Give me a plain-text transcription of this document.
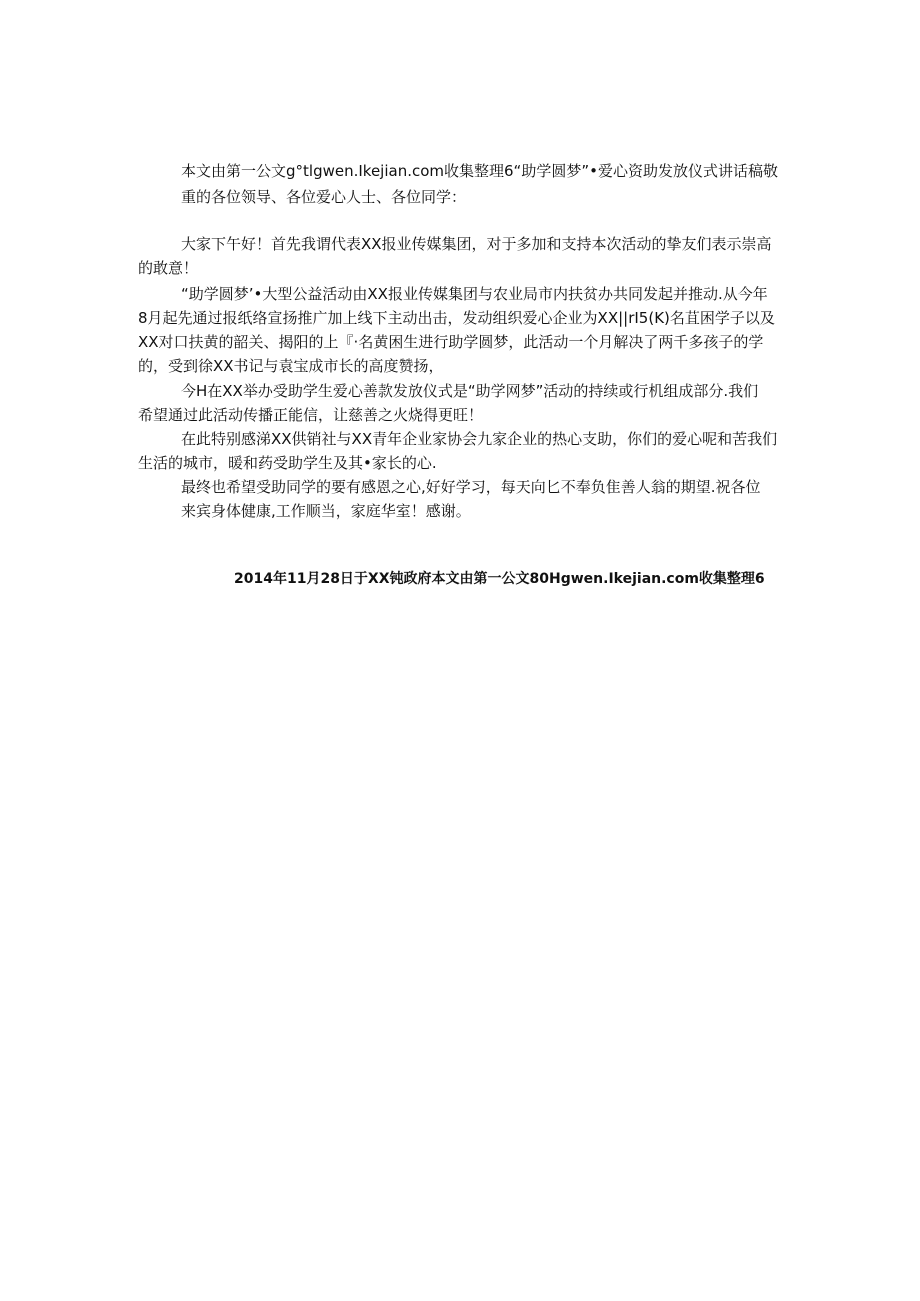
本文由第一公文g°tlgwen.Ikejian.com收集整理6“助学圆梦”•爱心资助发放仪式讲话稿敬
重的各位领导、各位爱心人士、各位同学：
大家下午好！首先我谓代表XX报业传媒集团，对于多加和支持本次活动的挚友们表示崇高
的敢意！
“助学圆梦’•大型公益活动由XX报业传媒集团与农业局市内扶贫办共同发起并推动.从今年
8月起先通过报纸络宣扬推广加上线下主动出击，发动组织爱心企业为XX||rI5(K)名苴困学子以及
XX对口扶黄的韶关、揭阳的上『·名黄困生进行助学圆梦，此活动一个月解决了两千多孩子的学
的，受到徐XX书记与袁宝成市长的高度赞扬，
今H在XX举办受助学生爱心善款发放仪式是“助学网梦”活动的持续或行机组成部分.我们
希望通过此活动传播正能信，让慈善之火烧得更旺！
在此特别感涕XX供销社与XX青年企业家协会九家企业的热心支助，你们的爱心呢和苦我们
生活的城市，暖和药受助学生及其•家长的心.
最终也希望受助同学的要有感恩之心,好好学习，每天向匕不奉负隹善人翁的期望.祝各位
来宾身体健康,工作顺当，家庭华室！感谢。
2014年11月28日于XX钝政府本文由第一公文80Hgwen.Ikejian.com收集整理6
